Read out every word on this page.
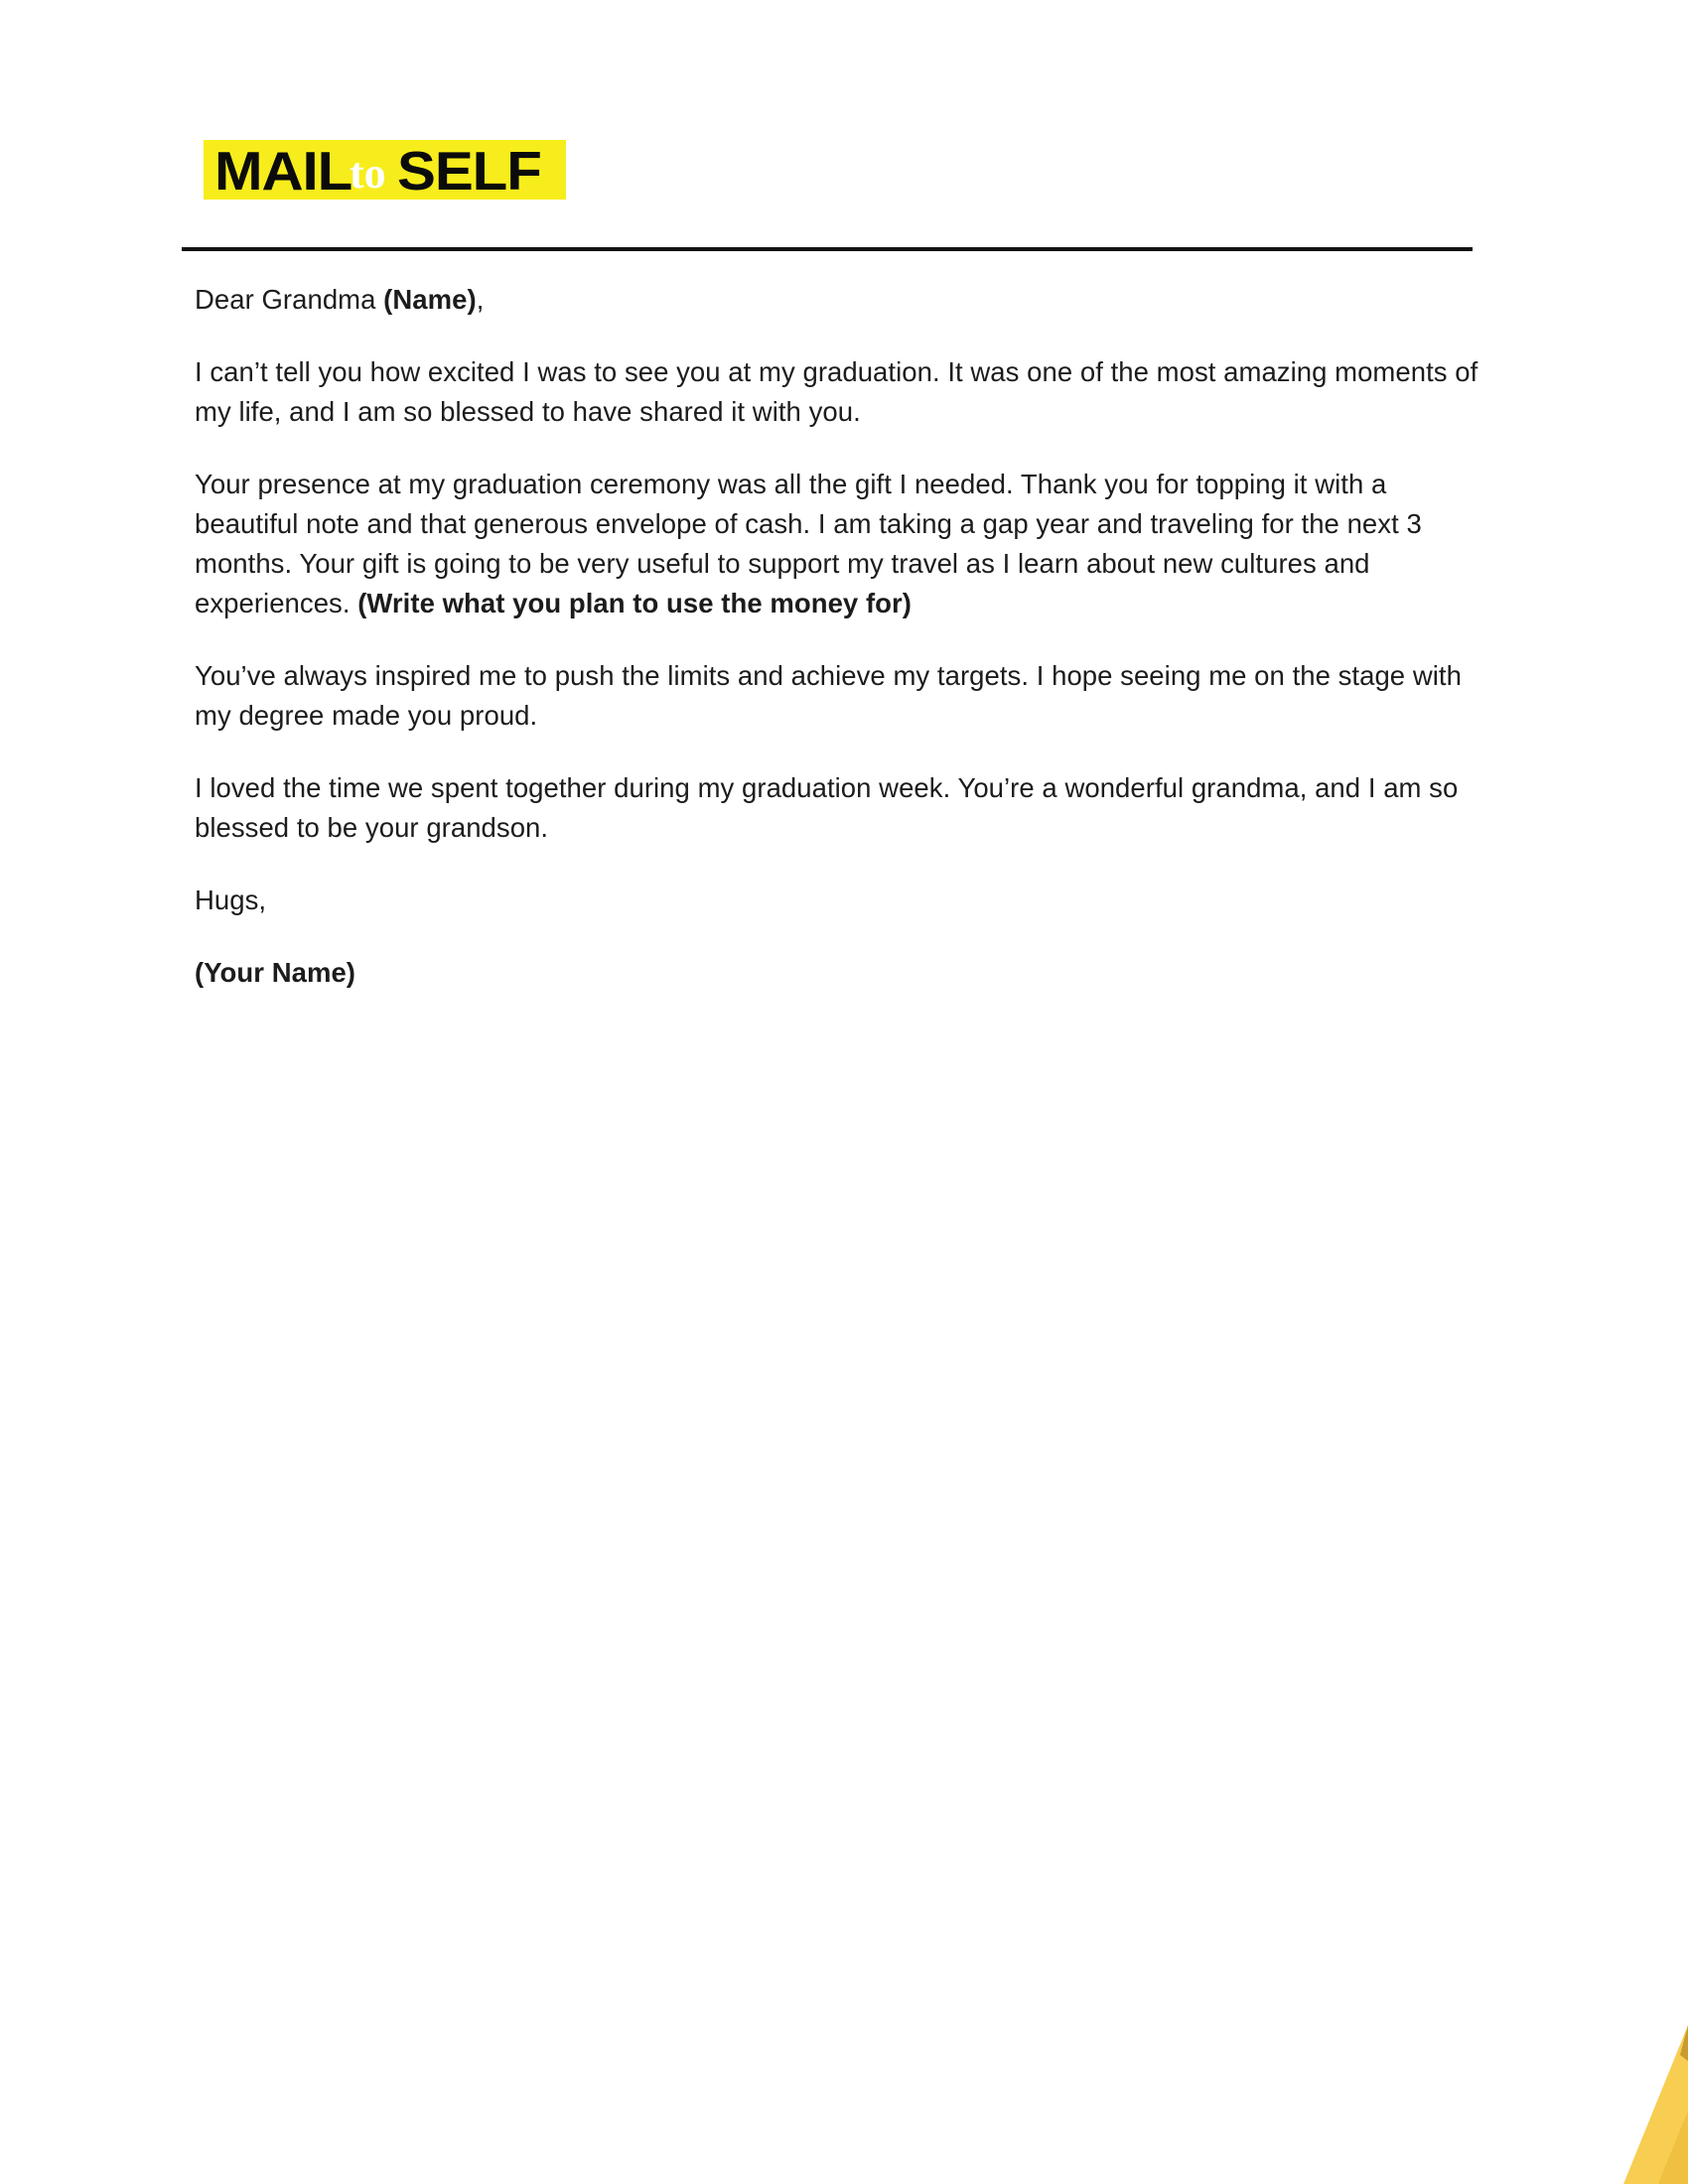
MAIL SELF
to

Dear Grandma (Name),

I can’t tell you how excited I was to see you at my graduation. It was one of the most amazing moments of my life, and I am so blessed to have shared it with you.

Your presence at my graduation ceremony was all the gift I needed. Thank you for topping it with a beautiful note and that generous envelope of cash. I am taking a gap year and traveling for the next 3 months. Your gift is going to be very useful to support my travel as I learn about new cultures and experiences. (Write what you plan to use the money for)

You’ve always inspired me to push the limits and achieve my targets. I hope seeing me on the stage with my degree made you proud.

I loved the time we spent together during my graduation week. You’re a wonderful grandma, and I am so blessed to be your grandson.

Hugs,

(Your Name)
